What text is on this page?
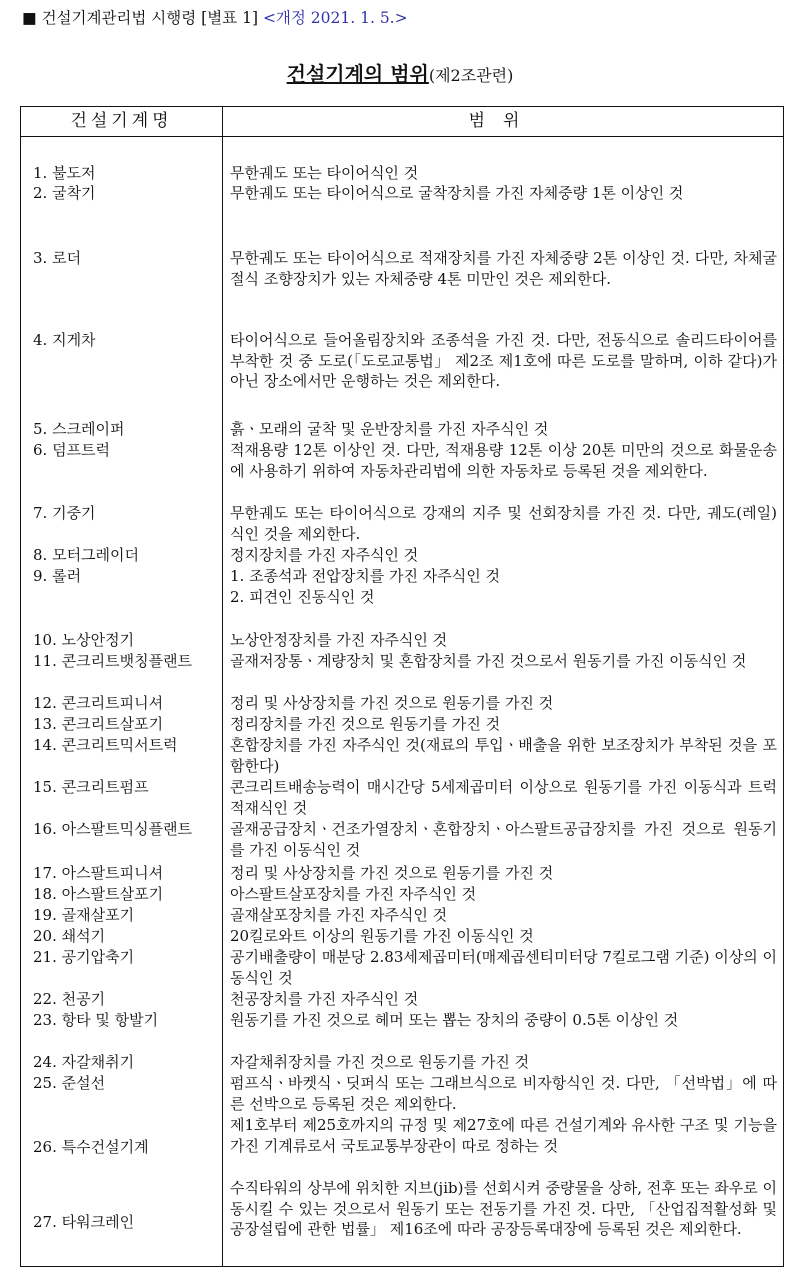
■ 건설기계관리법 시행령 [별표 1] <개정 2021. 1. 5.>
건설기계의 범위(제2조관련)
건설기계명	범위
1. 불도저	무한궤도 또는 타이어식인 것
2. 굴착기	무한궤도 또는 타이어식으로 굴착장치를 가진 자체중량 1톤 이상인 것
3. 로더	무한궤도 또는 타이어식으로 적재장치를 가진 자체중량 2톤 이상인 것. 다만, 차체굴절식 조향장치가 있는 자체중량 4톤 미만인 것은 제외한다.
4. 지게차	타이어식으로 들어올림장치와 조종석을 가진 것. 다만, 전동식으로 솔리드타이어를 부착한 것 중 도로(「도로교통법」 제2조 제1호에 따른 도로를 말하며, 이하 같다)가 아닌 장소에서만 운행하는 것은 제외한다.
5. 스크레이퍼	흙ㆍ모래의 굴착 및 운반장치를 가진 자주식인 것
6. 덤프트럭	적재용량 12톤 이상인 것. 다만, 적재용량 12톤 이상 20톤 미만의 것으로 화물운송에 사용하기 위하여 자동차관리법에 의한 자동차로 등록된 것을 제외한다.
7. 기중기	무한궤도 또는 타이어식으로 강재의 지주 및 선회장치를 가진 것. 다만, 궤도(레일)식인 것을 제외한다.
8. 모터그레이더	정지장치를 가진 자주식인 것
9. 롤러	1. 조종석과 전압장치를 가진 자주식인 것
2. 피견인 진동식인 것

10. 노상안정기	노상안정장치를 가진 자주식인 것
11. 콘크리트뱃칭플랜트	골재저장통ㆍ계량장치 및 혼합장치를 가진 것으로서 원동기를 가진 이동식인 것
12. 콘크리트피니셔	정리 및 사상장치를 가진 것으로 원동기를 가진 것
13. 콘크리트살포기	정리장치를 가진 것으로 원동기를 가진 것
14. 콘크리트믹서트럭	혼합장치를 가진 자주식인 것(재료의 투입ㆍ배출을 위한 보조장치가 부착된 것을 포함한다)
15. 콘크리트펌프	콘크리트배송능력이 매시간당 5세제곱미터 이상으로 원동기를 가진 이동식과 트럭적재식인 것
16. 아스팔트믹싱플랜트	골재공급장치ㆍ건조가열장치ㆍ혼합장치ㆍ아스팔트공급장치를 가진 것으로 원동기를 가진 이동식인 것
17. 아스팔트피니셔	정리 및 사상장치를 가진 것으로 원동기를 가진 것
18. 아스팔트살포기	아스팔트살포장치를 가진 자주식인 것
19. 골재살포기	골재살포장치를 가진 자주식인 것
20. 쇄석기	20킬로와트 이상의 원동기를 가진 이동식인 것
21. 공기압축기	공기배출량이 매분당 2.83세제곱미터(매제곱센티미터당 7킬로그램 기준) 이상의 이동식인 것
22. 천공기	천공장치를 가진 자주식인 것
23. 항타 및 항발기	원동기를 가진 것으로 헤머 또는 뽑는 장치의 중량이 0.5톤 이상인 것
24. 자갈채취기	자갈채취장치를 가진 것으로 원동기를 가진 것
25. 준설선	펌프식ㆍ바켓식ㆍ딧퍼식 또는 그래브식으로 비자항식인 것. 다만, 「선박법」에 따른 선박으로 등록된 것은 제외한다.
26. 특수건설기계	제1호부터 제25호까지의 규정 및 제27호에 따른 건설기계와 유사한 구조 및 기능을 가진 기계류로서 국토교통부장관이 따로 정하는 것
27. 타워크레인	수직타워의 상부에 위치한 지브(jib)를 선회시켜 중량물을 상하, 전후 또는 좌우로 이동시킬 수 있는 것으로서 원동기 또는 전동기를 가진 것. 다만, 「산업집적활성화 및 공장설립에 관한 법률」 제16조에 따라 공장등록대장에 등록된 것은 제외한다.
